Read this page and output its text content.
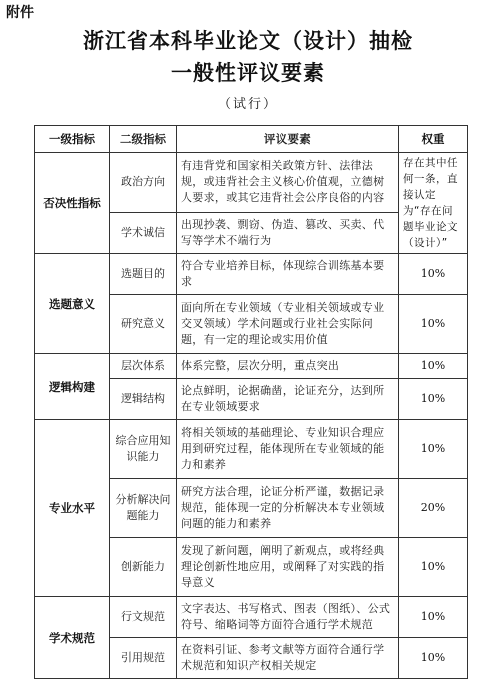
附件
浙江省本科毕业论文（设计）抽检
一般性评议要素
（试行）
一级指标	二级指标	评议要素	权重
否决性指标	政治方向	有违背党和国家相关政策方针、法律法规，或违背社会主义核心价值观，立德树人要求，或其它违背社会公序良俗的内容	存在其中任何一条，直接认定为“存在问题毕业论文（设计）”
	学术诚信	出现抄袭、剽窃、伪造、篡改、买卖、代写等学术不端行为	
选题意义	选题目的	符合专业培养目标，体现综合训练基本要求	10%
	研究意义	面向所在专业领域（专业相关领域或专业交叉领域）学术问题或行业社会实际问题，有一定的理论或实用价值	10%
逻辑构建	层次体系	体系完整，层次分明，重点突出	10%
	逻辑结构	论点鲜明，论据确凿，论证充分，达到所在专业领域要求	10%
专业水平	综合应用知识能力	将相关领域的基础理论、专业知识合理应用到研究过程，能体现所在专业领域的能力和素养	10%
	分析解决问题能力	研究方法合理，论证分析严谨，数据记录规范，能体现一定的分析解决本专业领域问题的能力和素养	20%
	创新能力	发现了新问题，阐明了新观点，或将经典理论创新性地应用，或阐释了对实践的指导意义	10%
学术规范	行文规范	文字表达、书写格式、图表（图纸）、公式符号、缩略词等方面符合通行学术规范	10%
	引用规范	在资料引证、参考文献等方面符合通行学术规范和知识产权相关规定	10%
